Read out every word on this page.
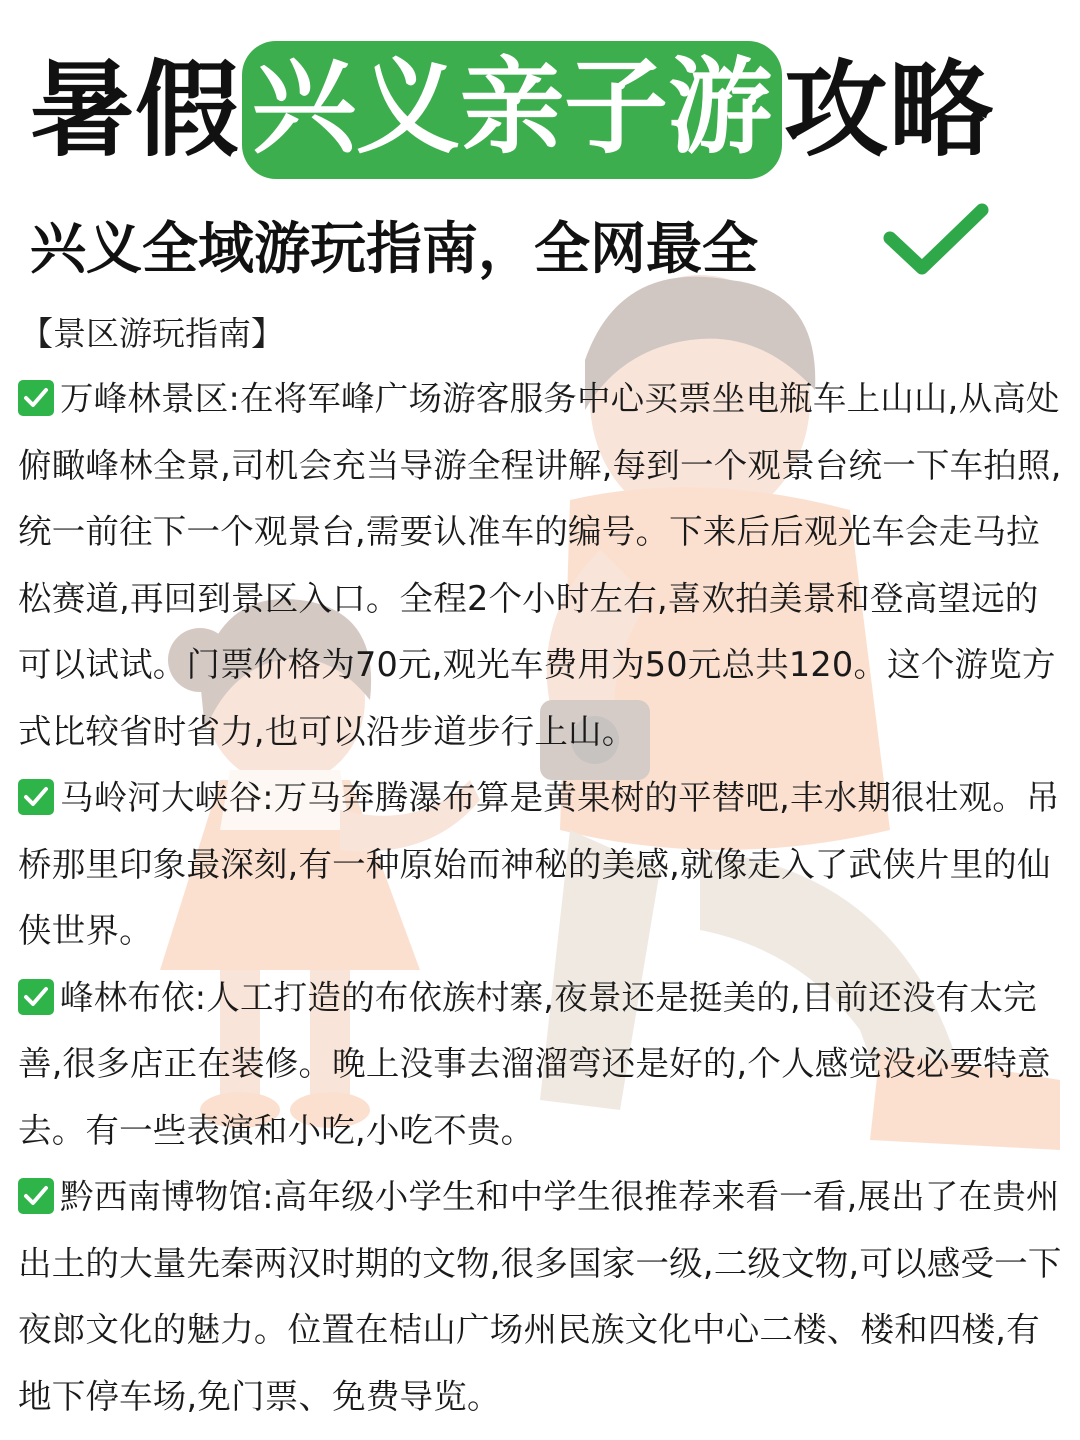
暑假 兴义亲子游 攻略
兴义全域游玩指南，全网最全
【景区游玩指南】

万峰林景区:在将军峰广场游客服务中心买票坐电瓶车上山山,从高处俯瞰峰林全景,司机会充当导游全程讲解,每到一个观景台统一下车拍照,统一前往下一个观景台,需要认准车的编号。下来后后观光车会走马拉松赛道,再回到景区入口。全程2个小时左右,喜欢拍美景和登高望远的可以试试。门票价格为70元,观光车费用为50元总共120。这个游览方式比较省时省力,也可以沿步道步行上山。

马岭河大峡谷:万马奔腾瀑布算是黄果树的平替吧,丰水期很壮观。吊桥那里印象最深刻,有一种原始而神秘的美感,就像走入了武侠片里的仙侠世界。

峰林布依:人工打造的布依族村寨,夜景还是挺美的,目前还没有太完善,很多店正在装修。晚上没事去溜溜弯还是好的,个人感觉没必要特意去。有一些表演和小吃,小吃不贵。

黔西南博物馆:高年级小学生和中学生很推荐来看一看,展出了在贵州出土的大量先秦两汉时期的文物,很多国家一级,二级文物,可以感受一下夜郎文化的魅力。位置在桔山广场州民族文化中心二楼、楼和四楼,有地下停车场,免门票、免费导览。
